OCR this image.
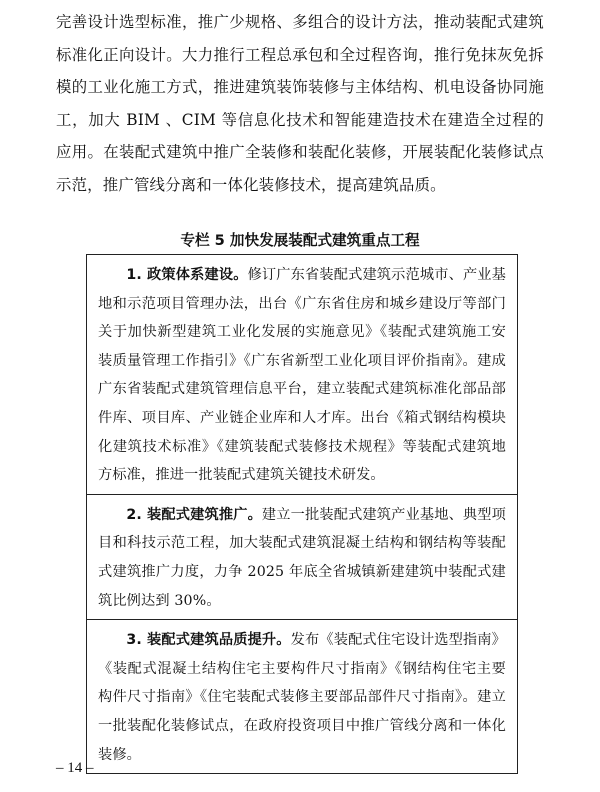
完善设计选型标准，推广少规格、多组合的设计方法，推动装配式建筑标准化正向设计。大力推行工程总承包和全过程咨询，推行免抹灰免拆模的工业化施工方式，推进建筑装饰装修与主体结构、机电设备协同施工，加大 BIM 、CIM 等信息化技术和智能建造技术在建造全过程的应用。在装配式建筑中推广全装修和装配化装修，开展装配化装修试点示范，推广管线分离和一体化装修技术，提高建筑品质。

专栏 5 加快发展装配式建筑重点工程
1. 政策体系建设。修订广东省装配式建筑示范城市、产业基地和示范项目管理办法，出台《广东省住房和城乡建设厅等部门关于加快新型建筑工业化发展的实施意见》《装配式建筑施工安装质量管理工作指引》《广东省新型工业化项目评价指南》。建成广东省装配式建筑管理信息平台，建立装配式建筑标准化部品部件库、项目库、产业链企业库和人才库。出台《箱式钢结构模块化建筑技术标准》《建筑装配式装修技术规程》等装配式建筑地方标准，推进一批装配式建筑关键技术研发。
2. 装配式建筑推广。建立一批装配式建筑产业基地、典型项目和科技示范工程，加大装配式建筑混凝土结构和钢结构等装配式建筑推广力度，力争 2025 年底全省城镇新建建筑中装配式建筑比例达到 30%。
3. 装配式建筑品质提升。发布《装配式住宅设计选型指南》《装配式混凝土结构住宅主要构件尺寸指南》《钢结构住宅主要构件尺寸指南》《住宅装配式装修主要部品部件尺寸指南》。建立一批装配化装修试点，在政府投资项目中推广管线分离和一体化装修。
– 14 –
